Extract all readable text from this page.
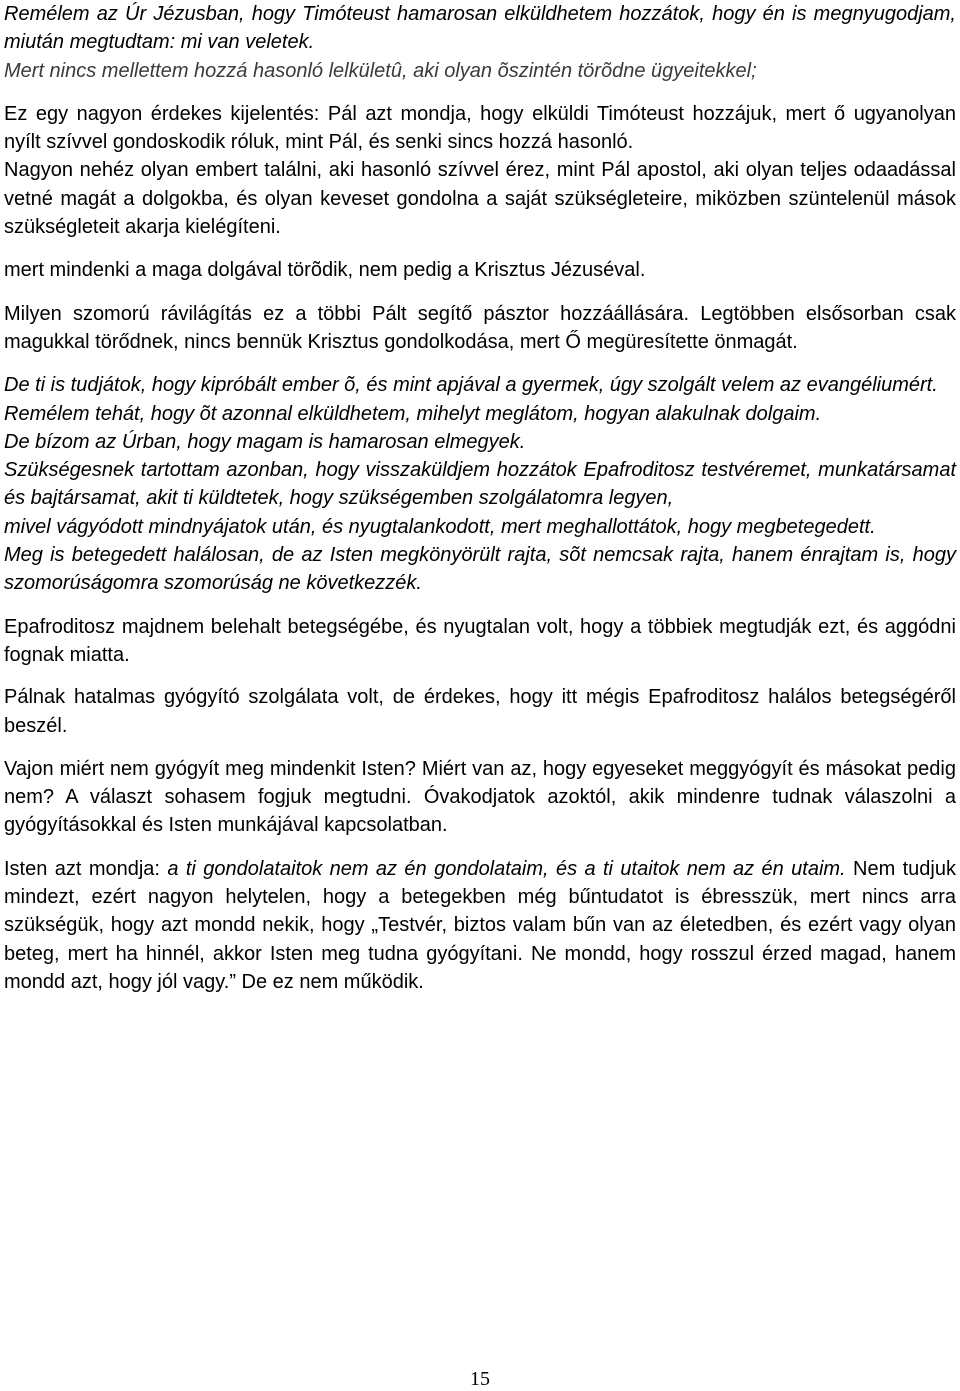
Remélem az Úr Jézusban, hogy Timóteust hamarosan elküldhetem hozzátok, hogy én is megnyugodjam, miután megtudtam: mi van veletek.

Mert nincs mellettem hozzá hasonló lelkületû, aki olyan õszintén törõdne ügyeitekkel;

Ez egy nagyon érdekes kijelentés: Pál azt mondja, hogy elküldi Timóteust hozzájuk, mert ő ugyanolyan nyílt szívvel gondoskodik róluk, mint Pál, és senki sincs hozzá hasonló.

Nagyon nehéz olyan embert találni, aki hasonló szívvel érez, mint Pál apostol, aki olyan teljes odaadással vetné magát a dolgokba, és olyan keveset gondolna a saját szükségleteire, miközben szüntelenül mások szükségleteit akarja kielégíteni.

mert mindenki a maga dolgával törõdik, nem pedig a Krisztus Jézuséval.

Milyen szomorú rávilágítás ez a többi Pált segítő pásztor hozzáállására. Legtöbben elsősorban csak magukkal törődnek, nincs bennük Krisztus gondolkodása, mert Ő megüresítette önmagát.

De ti is tudjátok, hogy kipróbált ember õ, és mint apjával a gyermek, úgy szolgált velem az evangéliumért.

Remélem tehát, hogy õt azonnal elküldhetem, mihelyt meglátom, hogyan alakulnak dolgaim.

De bízom az Úrban, hogy magam is hamarosan elmegyek.

Szükségesnek tartottam azonban, hogy visszaküldjem hozzátok Epafroditosz testvéremet, munkatársamat és bajtársamat, akit ti küldtetek, hogy szükségemben szolgálatomra legyen,

mivel vágyódott mindnyájatok után, és nyugtalankodott, mert meghallottátok, hogy megbetegedett.

Meg is betegedett halálosan, de az Isten megkönyörült rajta, sõt nemcsak rajta, hanem énrajtam is, hogy szomorúságomra szomorúság ne következzék.

Epafroditosz majdnem belehalt betegségébe, és nyugtalan volt, hogy a többiek megtudják ezt, és aggódni fognak miatta.

Pálnak hatalmas gyógyító szolgálata volt, de érdekes, hogy itt mégis Epafroditosz halálos betegségéről beszél.

Vajon miért nem gyógyít meg mindenkit Isten? Miért van az, hogy egyeseket meggyógyít és másokat pedig nem? A választ sohasem fogjuk megtudni. Óvakodjatok azoktól, akik mindenre tudnak válaszolni a gyógyításokkal és Isten munkájával kapcsolatban.

Isten azt mondja: a ti gondolataitok nem az én gondolataim, és a ti utaitok nem az én utaim. Nem tudjuk mindezt, ezért nagyon helytelen, hogy a betegekben még bűntudatot is ébresszük, mert nincs arra szükségük, hogy azt mondd nekik, hogy „Testvér, biztos valam bűn van az életedben, és ezért vagy olyan beteg, mert ha hinnél, akkor Isten meg tudna gyógyítani. Ne mondd, hogy rosszul érzed magad, hanem mondd azt, hogy jól vagy.” De ez nem működik.

15
